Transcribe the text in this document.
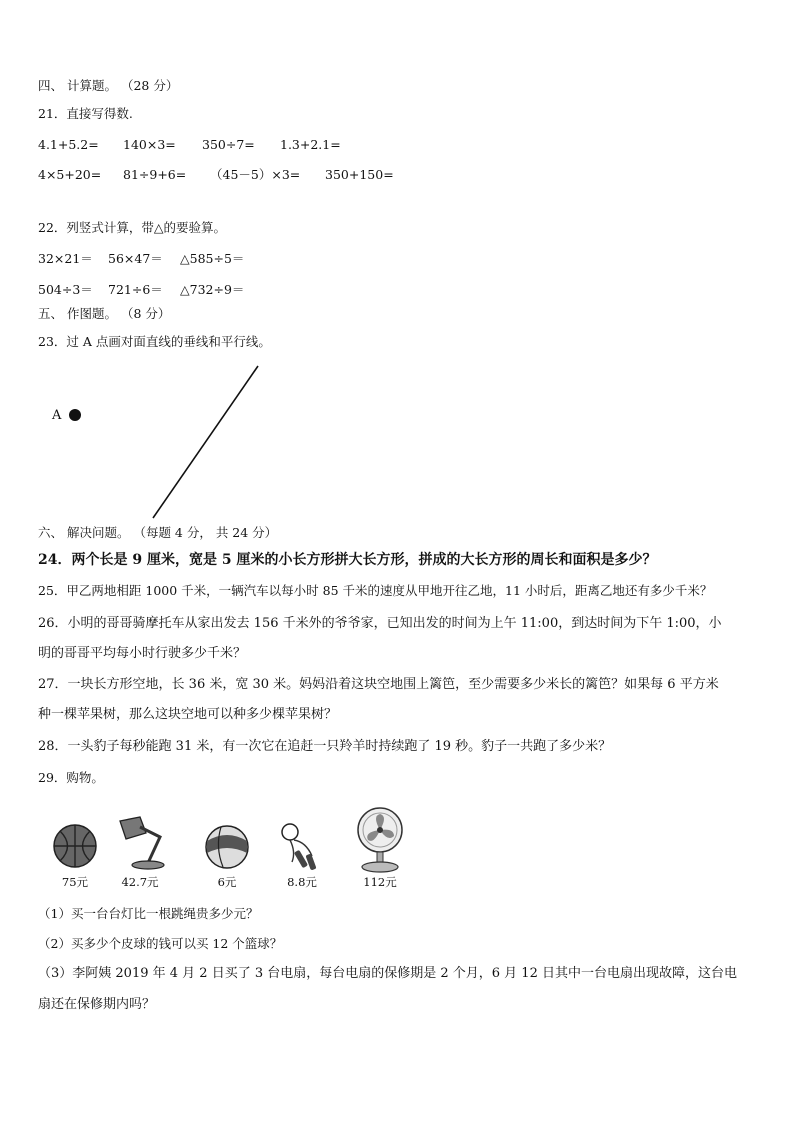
四、 计算题。 （28 分）
21．直接写得数.
4.1+5.2= 140×3= 350÷7= 1.3+2.1=
4×5+20= 81÷9+6= （45－5）×3= 350+150=
22．列竖式计算，带△的要验算。
32×21＝ 56×47＝ △585÷5＝
504÷3＝ 721÷6＝ △732÷9＝
五、 作图题。 （8 分）
23．过 A 点画对面直线的垂线和平行线。
A
六、 解决问题。 （每题 4 分， 共 24 分）
24．两个长是 9 厘米，宽是 5 厘米的小长方形拼大长方形，拼成的大长方形的周长和面积是多少？
25．甲乙两地相距 1000 千米，一辆汽车以每小时 85 千米的速度从甲地开往乙地，11 小时后，距离乙地还有多少千米？
26．小明的哥哥骑摩托车从家出发去 156 千米外的爷爷家，已知出发的时间为上午 11:00，到达时间为下午 1:00，小
明的哥哥平均每小时行驶多少千米？
27．一块长方形空地，长 36 米，宽 30 米。妈妈沿着这块空地围上篱笆，至少需要多少米长的篱笆？如果每 6 平方米
种一棵苹果树，那么这块空地可以种多少棵苹果树？
28．一头豹子每秒能跑 31 米，有一次它在追赶一只羚羊时持续跑了 19 秒。豹子一共跑了多少米？
29．购物。
75元	42.7元	6元	8.8元	112元
（1）买一台台灯比一根跳绳贵多少元？
（2）买多少个皮球的钱可以买 12 个篮球？
（3）李阿姨 2019 年 4 月 2 日买了 3 台电扇，每台电扇的保修期是 2 个月，6 月 12 日其中一台电扇出现故障，这台电
扇还在保修期内吗？
